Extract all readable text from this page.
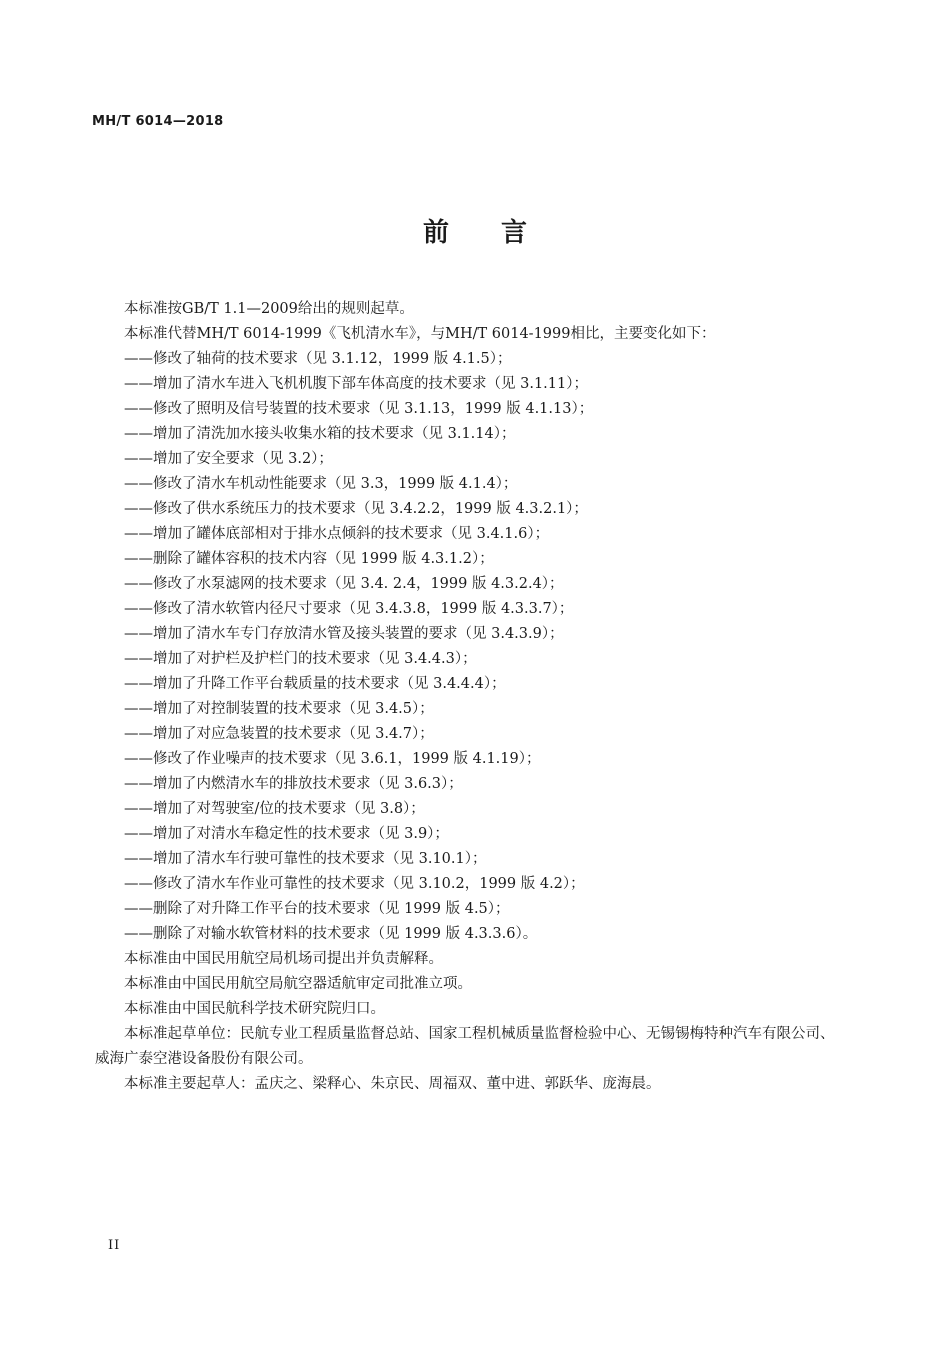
MH/T 6014—2018
前　　言

本标准按GB/T 1.1—2009给出的规则起草。

本标准代替MH/T 6014-1999《飞机清水车》，与MH/T 6014-1999相比，主要变化如下：

——修改了轴荷的技术要求（见 3.1.12，1999 版 4.1.5）；

——增加了清水车进入飞机机腹下部车体高度的技术要求（见 3.1.11）；

——修改了照明及信号装置的技术要求（见 3.1.13，1999 版 4.1.13）；

——增加了清洗加水接头收集水箱的技术要求（见 3.1.14）；

——增加了安全要求（见 3.2）；

——修改了清水车机动性能要求（见 3.3，1999 版 4.1.4）；

——修改了供水系统压力的技术要求（见 3.4.2.2，1999 版 4.3.2.1）；

——增加了罐体底部相对于排水点倾斜的技术要求（见 3.4.1.6）；

——删除了罐体容积的技术内容（见 1999 版 4.3.1.2）；

——修改了水泵滤网的技术要求（见 3.4. 2.4，1999 版 4.3.2.4）；

——修改了清水软管内径尺寸要求（见 3.4.3.8，1999 版 4.3.3.7）；

——增加了清水车专门存放清水管及接头装置的要求（见 3.4.3.9）；

——增加了对护栏及护栏门的技术要求（见 3.4.4.3）；

——增加了升降工作平台载质量的技术要求（见 3.4.4.4）；

——增加了对控制装置的技术要求（见 3.4.5）；

——增加了对应急装置的技术要求（见 3.4.7）；

——修改了作业噪声的技术要求（见 3.6.1，1999 版 4.1.19）；

——增加了内燃清水车的排放技术要求（见 3.6.3）；

——增加了对驾驶室/位的技术要求（见 3.8）；

——增加了对清水车稳定性的技术要求（见 3.9）；

——增加了清水车行驶可靠性的技术要求（见 3.10.1）；

——修改了清水车作业可靠性的技术要求（见 3.10.2，1999 版 4.2）；

——删除了对升降工作平台的技术要求（见 1999 版 4.5）；

——删除了对输水软管材料的技术要求（见 1999 版 4.3.3.6）。

本标准由中国民用航空局机场司提出并负责解释。

本标准由中国民用航空局航空器适航审定司批准立项。

本标准由中国民航科学技术研究院归口。

本标准起草单位：民航专业工程质量监督总站、国家工程机械质量监督检验中心、无锡锡梅特种汽车有限公司、威海广泰空港设备股份有限公司。

本标准主要起草人：孟庆之、梁释心、朱京民、周福双、董中进、郭跃华、庞海晨。

II
